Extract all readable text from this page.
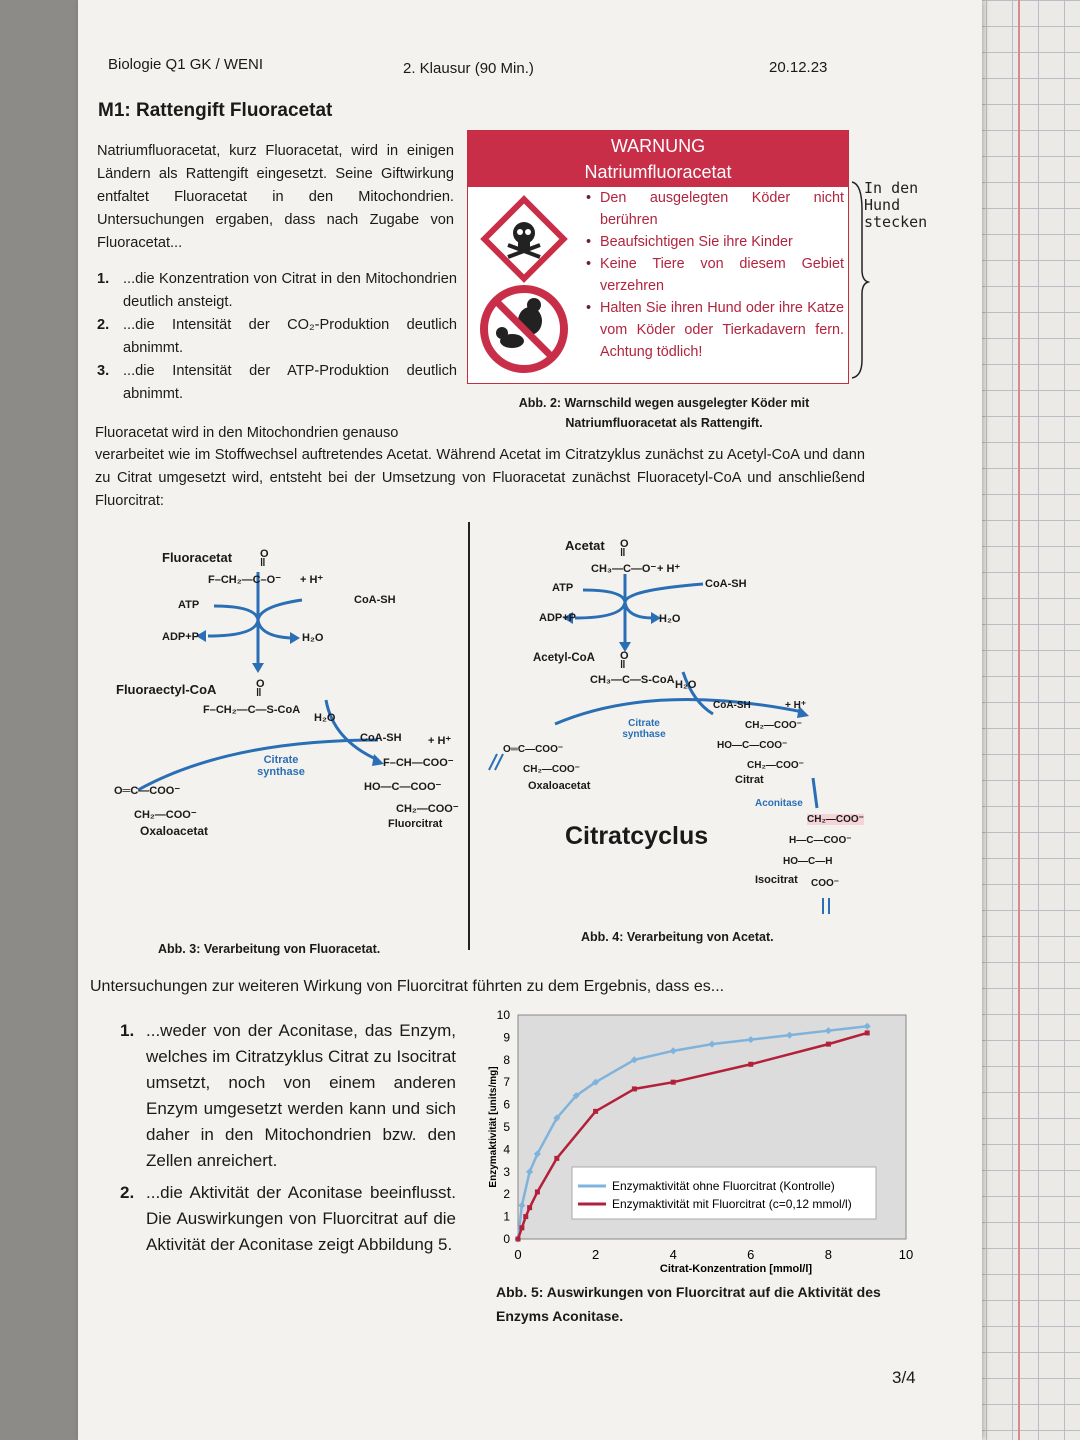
Biologie Q1 GK / WENI	2. Klausur (90 Min.)	20.12.23
M1: Rattengift Fluoracetat
Natriumfluoracetat, kurz Fluoracetat, wird in einigen Ländern als Rattengift eingesetzt. Seine Giftwirkung entfaltet Fluoracetat in den Mitochondrien. Untersuchungen ergaben, dass nach Zugabe von Fluoracetat...
1. ...die Konzentration von Citrat in den Mitochondrien deutlich ansteigt.
2. ...die Intensität der CO₂-Produktion deutlich abnimmt.
3. ...die Intensität der ATP-Produktion deutlich abnimmt.
WARNUNG
Natriumfluoracetat
• Den ausgelegten Köder nicht berühren
• Beaufsichtigen Sie ihre Kinder
• Keine Tiere von diesem Gebiet verzehren
• Halten Sie ihren Hund oder ihre Katze vom Köder oder Tierkadavern fern. Achtung tödlich!
In den
Hund
stecken
Abb. 2: Warnschild wegen ausgelegter Köder mit Natriumfluoracetat als Rattengift.
Fluoracetat wird in den Mitochondrien genauso
verarbeitet wie im Stoffwechsel auftretendes Acetat. Während Acetat im Citratzyklus zunächst zu Acetyl-CoA und dann zu Citrat umgesetzt wird, entsteht bei der Umsetzung von Fluoracetat zunächst Fluoracetyl-CoA und anschließend Fluorcitrat:
Fluoracetat	O
‖
F–CH₂—C–O⁻ + H⁺
ATP	CoA-SH
ADP+P	H₂O
Fluoraectyl-CoA	O
‖
F–CH₂—C—S-CoA
H₂O
Citrate synthase
CoA-SH + H⁺
O═C—COO⁻
CH₂—COO⁻
Oxaloacetat
F–CH—COO⁻
HO—C—COO⁻
CH₂—COO⁻
Fluorcitrat
Abb. 3: Verarbeitung von Fluoracetat.
Acetat O
‖
CH₃—C—O⁻ + H⁺
ATP	CoA-SH
ADP+P	H₂O
Acetyl-CoA O
‖
CH₃—C—S-CoA H₂O
Citrate synthase
CoA-SH	+ H⁺
O═C—COO⁻
CH₂—COO⁻
Oxaloacetat
CH₂—COO⁻
HO—C—COO⁻
CH₂—COO⁻
Citrat
Aconitase
CH₂—COO⁻
H—C—COO⁻
HO—C—H
COO⁻
Isocitrat
Citratcyclus
Abb. 4: Verarbeitung von Acetat.
Untersuchungen zur weiteren Wirkung von Fluorcitrat führten zu dem Ergebnis, dass es...
1. ...weder von der Aconitase, das Enzym, welches im Citratzyklus Citrat zu Isocitrat umsetzt, noch von einem anderen Enzym umgesetzt werden kann und sich daher in den Mitochondrien bzw. den Zellen anreichert.
2. ...die Aktivität der Aconitase beeinflusst. Die Auswirkungen von Fluorcitrat auf die Aktivität der Aconitase zeigt Abbildung 5.	0
1
2
3
4
5
6
7
8
9
10
0	2	4	6	8	10
Enzymaktivität ohne Fluorcitrat (Kontrolle)
Enzymaktivität mit Fluorcitrat (c=0,12 mmol/l)
Enzymaktivität [units/mg]
Citrat-Konzentration [mmol/l]
Abb. 5: Auswirkungen von Fluorcitrat auf die Aktivität des Enzyms Aconitase.
3/4
